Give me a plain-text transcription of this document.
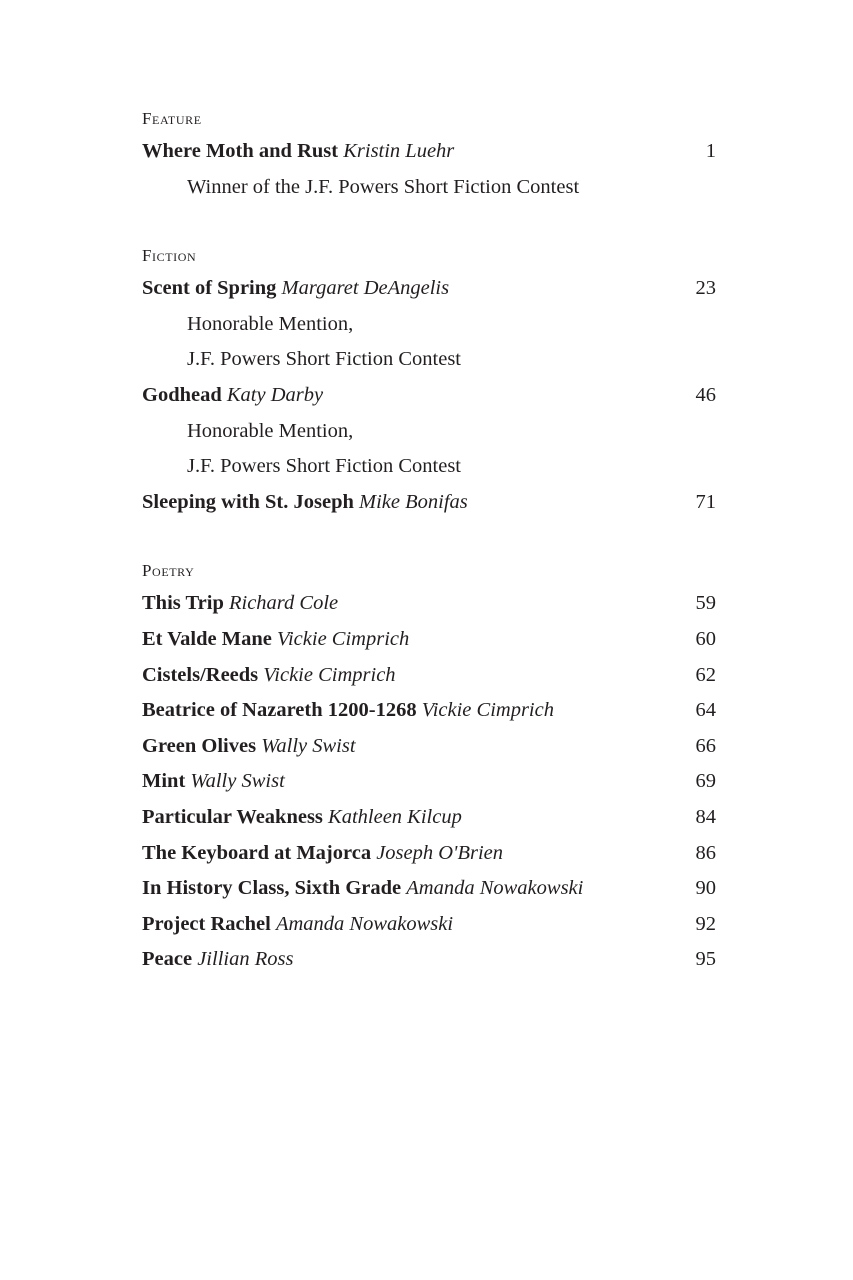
Feature
Where Moth and Rust Kristin Luehr	1
Winner of the J.F. Powers Short Fiction Contest
Fiction
Scent of Spring Margaret DeAngelis	23
Honorable Mention,
J.F. Powers Short Fiction Contest
Godhead Katy Darby	46
Honorable Mention,
J.F. Powers Short Fiction Contest
Sleeping with St. Joseph Mike Bonifas	71
Poetry
This Trip Richard Cole	59
Et Valde Mane Vickie Cimprich	60
Cistels/Reeds Vickie Cimprich	62
Beatrice of Nazareth 1200-1268 Vickie Cimprich	64
Green Olives Wally Swist	66
Mint Wally Swist	69
Particular Weakness Kathleen Kilcup	84
The Keyboard at Majorca Joseph O'Brien	86
In History Class, Sixth Grade Amanda Nowakowski	90
Project Rachel Amanda Nowakowski	92
Peace Jillian Ross	95
